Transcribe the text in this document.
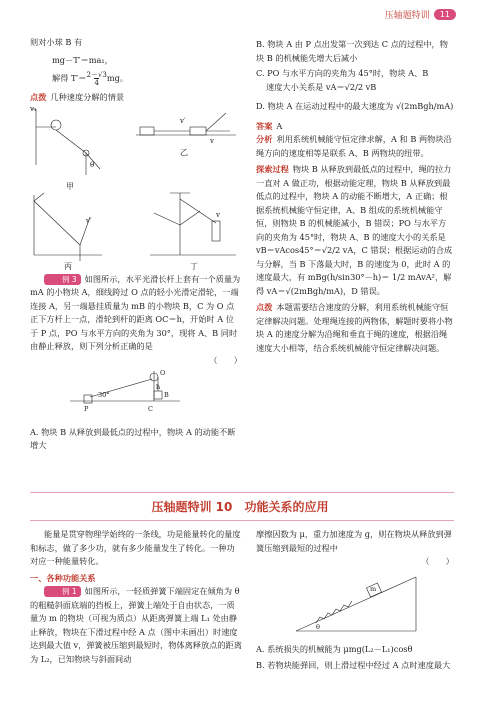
压轴题特训	11

则对小球 B 有

mg－T′＝ma₁，

解得 $T'=\frac{2-√3}{4}mg$。

点拨 几种速度分解的情景

v₁
θ
v′
v
v′
v
甲
乙
丙	丁

例 3 如图所示，水平光滑长杆上套有一个质量为 mA 的小物块 A，细线跨过 O 点的轻小光滑定滑轮，一端连接 A，另一端悬挂质量为 mB 的小物块 B，C 为 O 点正下方杆上一点，滑轮到杆的距离 OC＝h，开始时 A 位于 P 点，PO 与水平方向的夹角为 30°，现将 A、B 同时由静止释放，则下列分析正确的是

（　　）

P
30°
C
O
B
h

A. 物块 B 从释放到最低点的过程中，物块 A 的动能不断增大

B. 物块 A 由 P 点出发第一次到达 C 点的过程中，物块 B 的机械能先增大后减小

C. PO 与水平方向的夹角为 45°时，物块 A、B

速度大小关系是 vA＝√2/2 vB

D. 物块 A 在运动过程中的最大速度为 √(2mBgh/mA)

答案 A

分析 利用系统机械能守恒定律求解，A 和 B 两物块沿绳方向的速度相等是联系 A、B 两物块的纽带。

探索过程 物块 B 从释放到最低点的过程中，绳的拉力一直对 A 做正功，根据动能定理，物块 B 从释放到最低点的过程中，物块 A 的动能不断增大，A 正确；根据系统机械能守恒定律，A、B 组成的系统机械能守恒，则物块 B 的机械能减小，B 错误；PO 与水平方向的夹角为 45°时，物块 A、B 的速度大小的关系是 vB＝vAcos45°＝√2/2 vA，C 错误；根据运动的合成与分解，当 B 下落最大时，B 的速度为 0，此时 A 的速度最大，有 mBg(h/sin30°－h)＝ 1/2 mAvA²，解得 vA＝√(2mBgh/mA)，D 错误。

点拨 本题需要结合速度的分解，利用系统机械能守恒定律解决问题。处理绳连接的两物体，解题时要将小物块 A 的速度分解为沿绳和垂直于绳的速度，根据沿绳速度大小相等，结合系统机械能守恒定律解决问题。

压轴题特训 10 功能关系的应用

能量是贯穿物理学始终的一条线，功是能量转化的量度和标志，做了多少功，就有多少能量发生了转化。一种功对应一种能量转化。

一、各种功能关系

例 1 如图所示，一轻质弹簧下端固定在倾角为 θ 的粗糙斜面底端的挡板上，弹簧上端处于自由状态，一质量为 m 的物块（可视为质点）从距离弹簧上端 L₁ 处由静止释放，物块在下滑过程中经 A 点（图中未画出）时速度达到最大值 v，弹簧被压缩到最短时，物体离释放点的距离为 L₂，已知物块与斜面间动

摩擦因数为 μ，重力加速度为 g，则在物块从释放到弹簧压缩到最短的过程中

（　　）

θ
m

A. 系统损失的机械能为 μmg(L₂－L₁)cosθ

B. 若物块能弹回，则上滑过程中经过 A 点时速度最大
